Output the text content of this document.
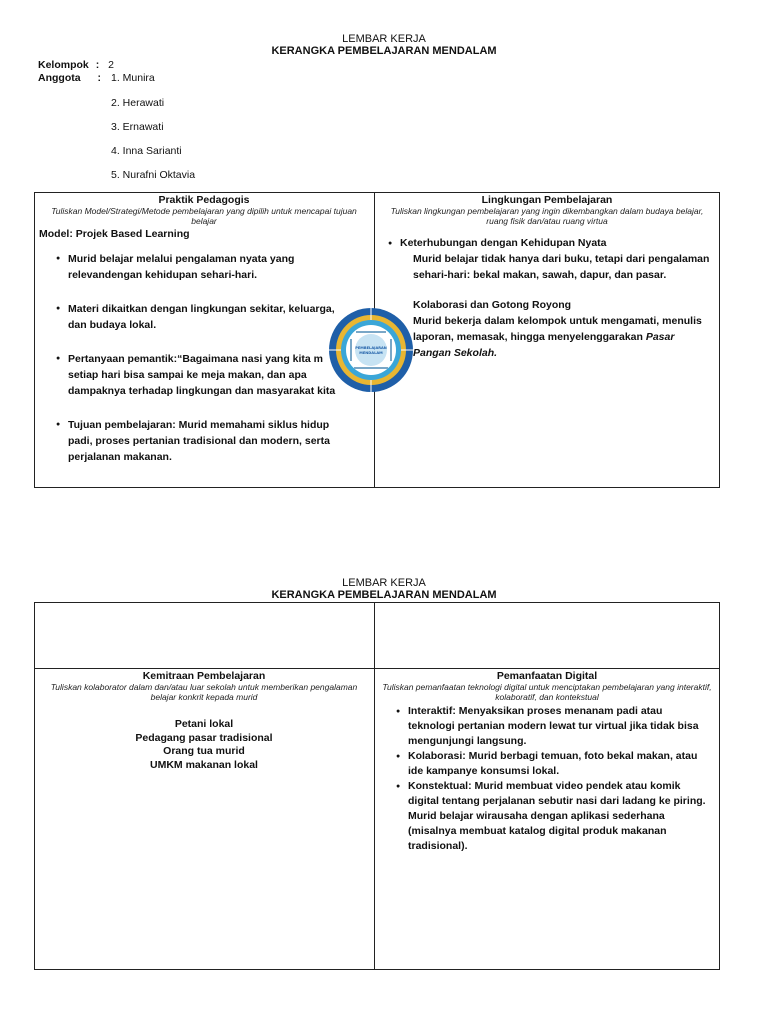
LEMBAR KERJA
KERANGKA PEMBELAJARAN MENDALAM
Kelompok : 2
Anggota : 1. Munira
2. Herawati
3. Ernawati
4. Inna Sarianti
5. Nurafni Oktavia
Praktik Pedagogis
Tuliskan Model/Strategi/Metode pembelajaran yang dipilih untuk mencapai tujuan belajar
Model: Projek Based Learning
● Murid belajar melalui pengalaman nyata yang relevandengan kehidupan sehari-hari.
● Materi dikaitkan dengan lingkungan sekitar, keluarga, dan budaya lokal.
● Pertanyaan pemantik:“Bagaimana nasi yang kita m setiap hari bisa sampai ke meja makan, dan apa dampaknya terhadap lingkungan dan masyarakat kita
● Tujuan pembelajaran: Murid memahami siklus hidup padi, proses pertanian tradisional dan modern, serta perjalanan makanan.
Lingkungan Pembelajaran
Tuliskan lingkungan pembelajaran yang ingin dikembangkan dalam budaya belajar, ruang fisik dan/atau ruang virtua
● Keterhubungan dengan Kehidupan Nyata
Murid belajar tidak hanya dari buku, tetapi dari pengalaman sehari-hari: bekal makan, sawah, dapur, dan pasar.
Kolaborasi dan Gotong Royong
Murid bekerja dalam kelompok untuk mengamati, menulis laporan, memasak, hingga menyelenggarakan Pasar Pangan Sekolah.
PEMBELAJARAN
MENDALAM
LEMBAR KERJA
KERANGKA PEMBELAJARAN MENDALAM
Kemitraan Pembelajaran
Tuliskan kolaborator dalam dan/atau luar sekolah untuk memberikan pengalaman belajar konkrit kepada murid
Petani lokal
Pedagang pasar tradisional
Orang tua murid
UMKM makanan lokal
Pemanfaatan Digital
Tuliskan pemanfaatan teknologi digital untuk menciptakan pembelajaran yang interaktif, kolaboratif, dan kontekstual
● Interaktif: Menyaksikan proses menanam padi atau teknologi pertanian modern lewat tur virtual jika tidak bisa mengunjungi langsung.
● Kolaborasi: Murid berbagi temuan, foto bekal makan, atau ide kampanye konsumsi lokal.
● Konstektual: Murid membuat video pendek atau komik digital tentang perjalanan sebutir nasi dari ladang ke piring. Murid belajar wirausaha dengan aplikasi sederhana (misalnya membuat katalog digital produk makanan tradisional).
